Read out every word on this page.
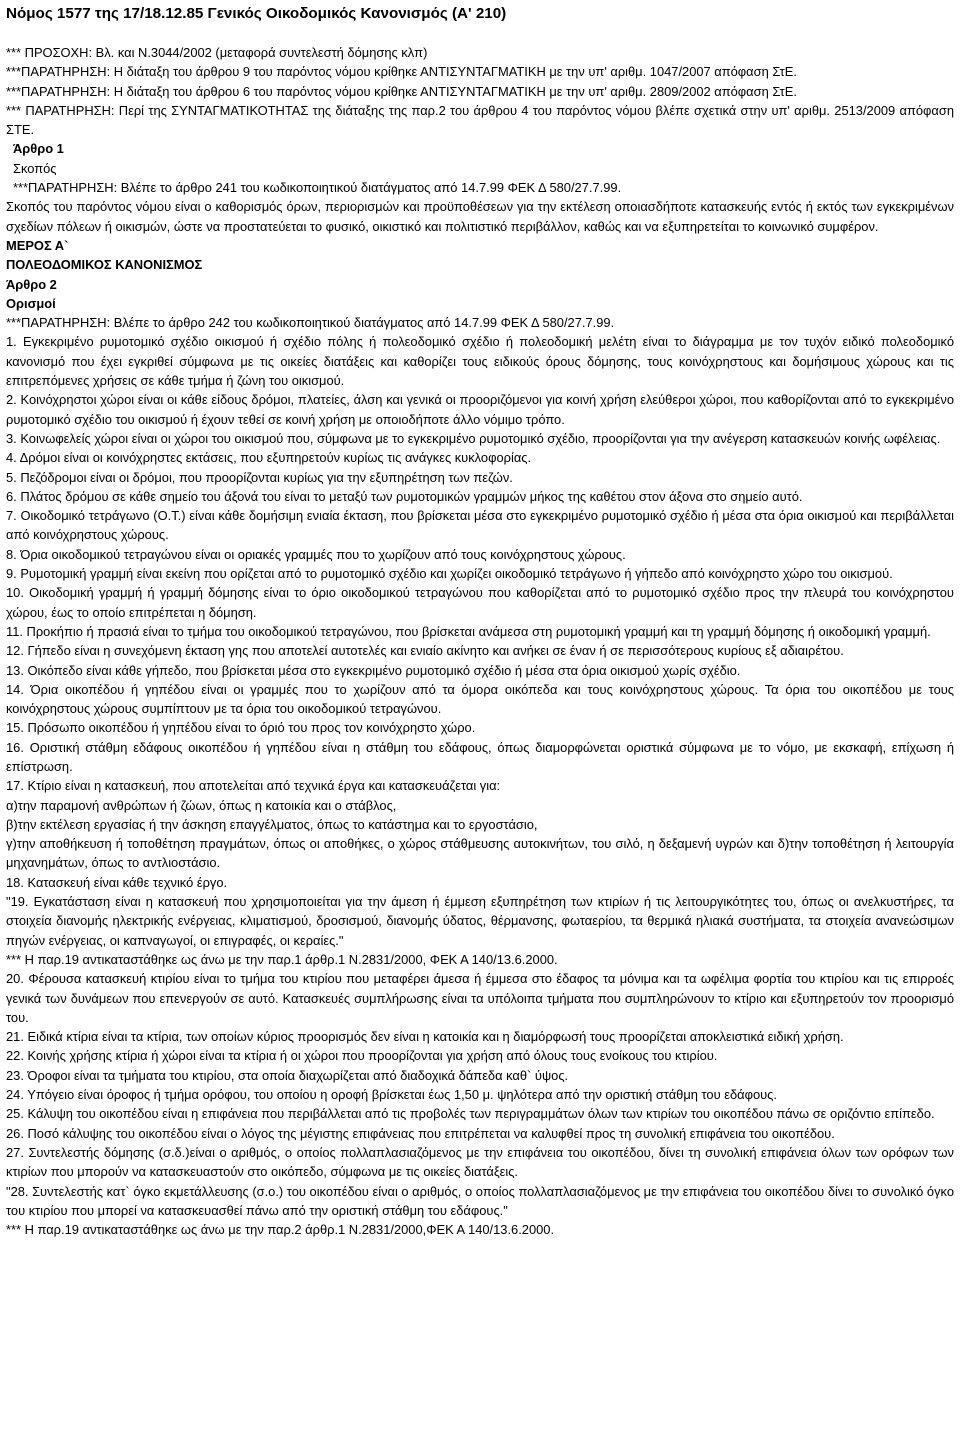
Νόμος 1577 της 17/18.12.85 Γενικός Οικοδομικός Κανονισμός (Α' 210)
*** ΠΡΟΣΟΧΗ: Βλ. και Ν.3044/2002 (μεταφορά συντελεστή δόμησης κλπ)
***ΠΑΡΑΤΗΡΗΣΗ: Η διάταξη του άρθρου 9 του παρόντος νόμου κρίθηκε ΑΝΤΙΣΥΝΤΑΓΜΑΤΙΚΗ με την υπ' αριθμ. 1047/2007 απόφαση ΣτΕ.
***ΠΑΡΑΤΗΡΗΣΗ: Η διάταξη του άρθρου 6 του παρόντος νόμου κρίθηκε ΑΝΤΙΣΥΝΤΑΓΜΑΤΙΚΗ με την υπ' αριθμ. 2809/2002 απόφαση ΣτΕ.
*** ΠΑΡΑΤΗΡΗΣΗ: Περί της ΣΥΝΤΑΓΜΑΤΙΚΟΤΗΤΑΣ της διάταξης της παρ.2 του άρθρου 4 του παρόντος νόμου βλέπε σχετικά στην υπ' αριθμ. 2513/2009 απόφαση ΣΤΕ.
Άρθρο 1
Σκοπός
***ΠΑΡΑΤΗΡΗΣΗ: Βλέπε το άρθρο 241 του κωδικοποιητικού διατάγματος από 14.7.99 ΦΕΚ Δ 580/27.7.99.
Σκοπός του παρόντος νόμου είναι ο καθορισμός όρων, περιορισμών και προϋποθέσεων για την εκτέλεση οποιασδήποτε κατασκευής εντός ή εκτός των εγκεκριμένων σχεδίων πόλεων ή οικισμών, ώστε να προστατεύεται το φυσικό, οικιστικό και πολιτιστικό περιβάλλον, καθώς και να εξυπηρετείται το κοινωνικό συμφέρον.
ΜΕΡΟΣ Α`
ΠΟΛΕΟΔΟΜΙΚΟΣ ΚΑΝΟΝΙΣΜΟΣ
Άρθρο 2
Ορισμοί
***ΠΑΡΑΤΗΡΗΣΗ: Βλέπε το άρθρο 242 του κωδικοποιητικού διατάγματος από 14.7.99 ΦΕΚ Δ 580/27.7.99.
1. Εγκεκριμένο ρυμοτομικό σχέδιο οικισμού ή σχέδιο πόλης ή πολεοδομικό σχέδιο ή πολεοδομική μελέτη είναι το διάγραμμα με τον τυχόν ειδικό πολεοδομικό κανονισμό που έχει εγκριθεί σύμφωνα με τις οικείες διατάξεις και καθορίζει τους ειδικούς όρους δόμησης, τους κοινόχρηστους και δομήσιμους χώρους και τις επιτρεπόμενες χρήσεις σε κάθε τμήμα ή ζώνη του οικισμού.
2. Κοινόχρηστοι χώροι είναι οι κάθε είδους δρόμοι, πλατείες, άλση και γενικά οι προοριζόμενοι για κοινή χρήση ελεύθεροι χώροι, που καθορίζονται από το εγκεκριμένο ρυμοτομικό σχέδιο του οικισμού ή έχουν τεθεί σε κοινή χρήση με οποιοδήποτε άλλο νόμιμο τρόπο.
3. Κοινωφελείς χώροι είναι οι χώροι του οικισμού που, σύμφωνα με το εγκεκριμένο ρυμοτομικό σχέδιο, προορίζονται για την ανέγερση κατασκευών κοινής ωφέλειας.
4. Δρόμοι είναι οι κοινόχρηστες εκτάσεις, που εξυπηρετούν κυρίως τις ανάγκες κυκλοφορίας.
5. Πεζόδρομοι είναι οι δρόμοι, που προορίζονται κυρίως για την εξυπηρέτηση των πεζών.
6. Πλάτος δρόμου σε κάθε σημείο του άξονά του είναι το μεταξύ των ρυμοτομικών γραμμών μήκος της καθέτου στον άξονα στο σημείο αυτό.
7. Οικοδομικό τετράγωνο (Ο.Τ.) είναι κάθε δομήσιμη ενιαία έκταση, που βρίσκεται μέσα στο εγκεκριμένο ρυμοτομικό σχέδιο ή μέσα στα όρια οικισμού και περιβάλλεται από κοινόχρηστους χώρους.
8. Όρια οικοδομικού τετραγώνου είναι οι οριακές γραμμές που το χωρίζουν από τους κοινόχρηστους χώρους.
9. Ρυμοτομική γραμμή είναι εκείνη που ορίζεται από το ρυμοτομικό σχέδιο και χωρίζει οικοδομικό τετράγωνο ή γήπεδο από κοινόχρηστο χώρο του οικισμού.
10. Οικοδομική γραμμή ή γραμμή δόμησης είναι το όριο οικοδομικού τετραγώνου που καθορίζεται από το ρυμοτομικό σχέδιο προς την πλευρά του κοινόχρηστου χώρου, έως το οποίο επιτρέπεται η δόμηση.
11. Προκήπιο ή πρασιά είναι το τμήμα του οικοδομικού τετραγώνου, που βρίσκεται ανάμεσα στη ρυμοτομική γραμμή και τη γραμμή δόμησης ή οικοδομική γραμμή.
12. Γήπεδο είναι η συνεχόμενη έκταση γης που αποτελεί αυτοτελές και ενιαίο ακίνητο και ανήκει σε έναν ή σε περισσότερους κυρίους εξ αδιαιρέτου.
13. Οικόπεδο είναι κάθε γήπεδο, που βρίσκεται μέσα στο εγκεκριμένο ρυμοτομικό σχέδιο ή μέσα στα όρια οικισμού χωρίς σχέδιο.
14. Όρια οικοπέδου ή γηπέδου είναι οι γραμμές που το χωρίζουν από τα όμορα οικόπεδα και τους κοινόχρηστους χώρους. Τα όρια του οικοπέδου με τους κοινόχρηστους χώρους συμπίπτουν με τα όρια του οικοδομικού τετραγώνου.
15. Πρόσωπο οικοπέδου ή γηπέδου είναι το όριό του προς τον κοινόχρηστο χώρο.
16. Οριστική στάθμη εδάφους οικοπέδου ή γηπέδου είναι η στάθμη του εδάφους, όπως διαμορφώνεται οριστικά σύμφωνα με το νόμο, με εκσκαφή, επίχωση ή επίστρωση.
17. Κτίριο είναι η κατασκευή, που αποτελείται από τεχνικά έργα και κατασκευάζεται για:
α)την παραμονή ανθρώπων ή ζώων, όπως η κατοικία και ο στάβλος,
β)την εκτέλεση εργασίας ή την άσκηση επαγγέλματος, όπως το κατάστημα και το εργοστάσιο,
γ)την αποθήκευση ή τοποθέτηση πραγμάτων, όπως οι αποθήκες, ο χώρος στάθμευσης αυτοκινήτων, του σιλό, η δεξαμενή υγρών και δ)την τοποθέτηση ή λειτουργία μηχανημάτων, όπως το αντλιοστάσιο.
18. Κατασκευή είναι κάθε τεχνικό έργο.
"19. Εγκατάσταση είναι η κατασκευή που χρησιμοποιείται για την άμεση ή έμμεση εξυπηρέτηση των κτιρίων ή τις λειτουργικότητες του, όπως οι ανελκυστήρες, τα στοιχεία διανομής ηλεκτρικής ενέργειας, κλιματισμού, δροσισμού, διανομής ύδατος, θέρμανσης, φωταερίου, τα θερμικά ηλιακά συστήματα, τα στοιχεία ανανεώσιμων πηγών ενέργειας, οι καπναγωγοί, οι επιγραφές, οι κεραίες."
*** Η παρ.19 αντικαταστάθηκε ως άνω με την παρ.1 άρθρ.1 Ν.2831/2000, ΦΕΚ Α 140/13.6.2000.
20. Φέρουσα κατασκευή κτιρίου είναι το τμήμα του κτιρίου που μεταφέρει άμεσα ή έμμεσα στο έδαφος τα μόνιμα και τα ωφέλιμα φορτία του κτιρίου και τις επιρροές γενικά των δυνάμεων που επενεργούν σε αυτό. Κατασκευές συμπλήρωσης είναι τα υπόλοιπα τμήματα που συμπληρώνουν το κτίριο και εξυπηρετούν τον προορισμό του.
21. Ειδικά κτίρια είναι τα κτίρια, των οποίων κύριος προορισμός δεν είναι η κατοικία και η διαμόρφωσή τους προορίζεται αποκλειστικά ειδική χρήση.
22. Κοινής χρήσης κτίρια ή χώροι είναι τα κτίρια ή οι χώροι που προορίζονται για χρήση από όλους τους ενοίκους του κτιρίου.
23. Όροφοι είναι τα τμήματα του κτιρίου, στα οποία διαχωρίζεται από διαδοχικά δάπεδα καθ` ύψος.
24. Υπόγειο είναι όροφος ή τμήμα ορόφου, του οποίου η οροφή βρίσκεται έως 1,50 μ. ψηλότερα από την οριστική στάθμη του εδάφους.
25. Κάλυψη του οικοπέδου είναι η επιφάνεια που περιβάλλεται από τις προβολές των περιγραμμάτων όλων των κτιρίων του οικοπέδου πάνω σε οριζόντιο επίπεδο.
26. Ποσό κάλυψης του οικοπέδου είναι ο λόγος της μέγιστης επιφάνειας που επιτρέπεται να καλυφθεί προς τη συνολική επιφάνεια του οικοπέδου.
27. Συντελεστής δόμησης (σ.δ.)είναι ο αριθμός, ο οποίος πολλαπλασιαζόμενος με την επιφάνεια του οικοπέδου, δίνει τη συνολική επιφάνεια όλων των ορόφων των κτιρίων που μπορούν να κατασκευαστούν στο οικόπεδο, σύμφωνα με τις οικείες διατάξεις.
"28. Συντελεστής κατ` όγκο εκμετάλλευσης (σ.ο.) του οικοπέδου είναι ο αριθμός, ο οποίος πολλαπλασιαζόμενος με την επιφάνεια του οικοπέδου δίνει το συνολικό όγκο του κτιρίου που μπορεί να κατασκευασθεί πάνω από την οριστική στάθμη του εδάφους."
*** Η παρ.19 αντικαταστάθηκε ως άνω με την παρ.2 άρθρ.1 Ν.2831/2000,ΦΕΚ Α 140/13.6.2000.
